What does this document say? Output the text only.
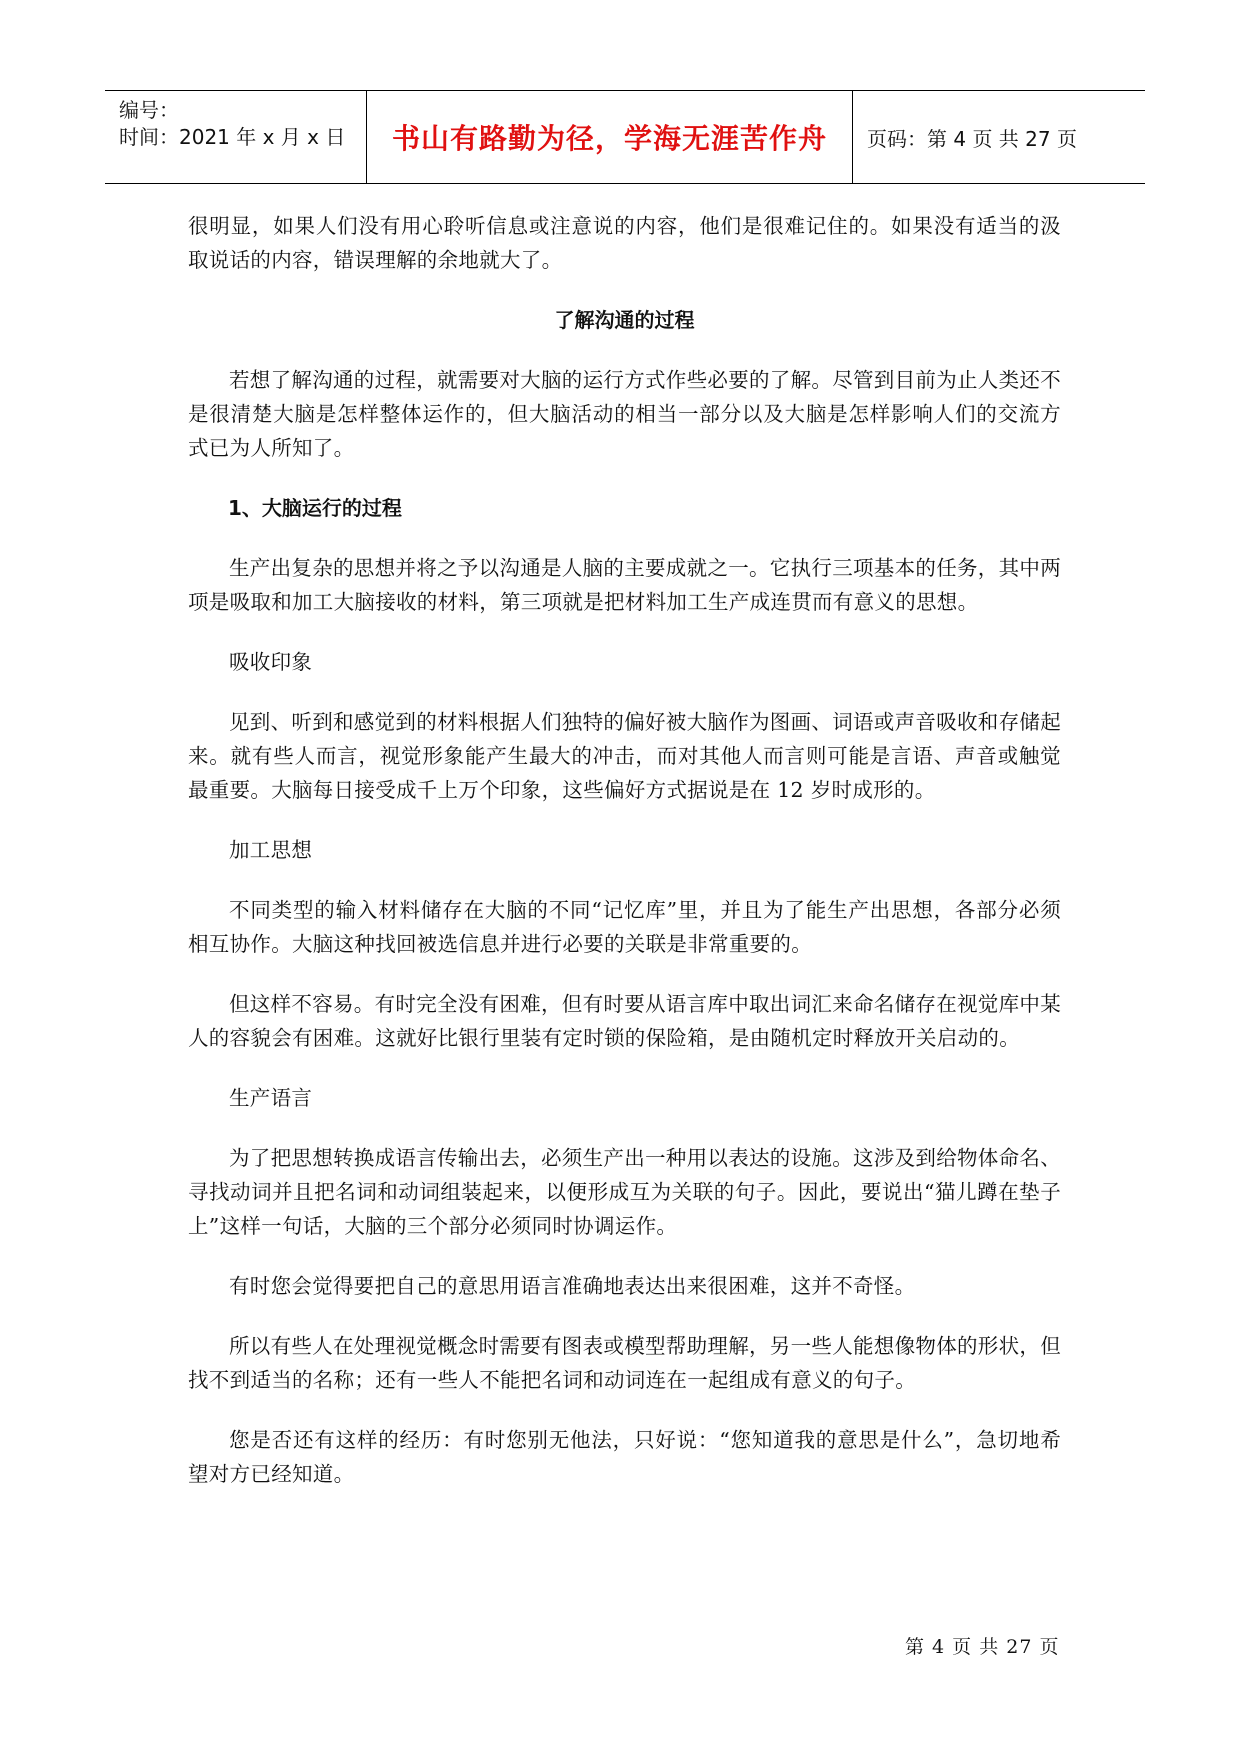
编号：
时间：2021 年 x 月 x 日	书山有路勤为径，学海无涯苦作舟	页码：第 4 页 共 27 页

很明显，如果人们没有用心聆听信息或注意说的内容，他们是很难记住的。如果没有适当的汲取说话的内容，错误理解的余地就大了。

了解沟通的过程

若想了解沟通的过程，就需要对大脑的运行方式作些必要的了解。尽管到目前为止人类还不是很清楚大脑是怎样整体运作的，但大脑活动的相当一部分以及大脑是怎样影响人们的交流方式已为人所知了。

1、大脑运行的过程

生产出复杂的思想并将之予以沟通是人脑的主要成就之一。它执行三项基本的任务，其中两项是吸取和加工大脑接收的材料，第三项就是把材料加工生产成连贯而有意义的思想。

吸收印象

见到、听到和感觉到的材料根据人们独特的偏好被大脑作为图画、词语或声音吸收和存储起来。就有些人而言，视觉形象能产生最大的冲击，而对其他人而言则可能是言语、声音或触觉最重要。大脑每日接受成千上万个印象，这些偏好方式据说是在 12 岁时成形的。

加工思想

不同类型的输入材料储存在大脑的不同“记忆库”里，并且为了能生产出思想，各部分必须相互协作。大脑这种找回被选信息并进行必要的关联是非常重要的。

但这样不容易。有时完全没有困难，但有时要从语言库中取出词汇来命名储存在视觉库中某人的容貌会有困难。这就好比银行里装有定时锁的保险箱，是由随机定时释放开关启动的。

生产语言

为了把思想转换成语言传输出去，必须生产出一种用以表达的设施。这涉及到给物体命名、寻找动词并且把名词和动词组装起来，以便形成互为关联的句子。因此，要说出“猫儿蹲在垫子上”这样一句话，大脑的三个部分必须同时协调运作。

有时您会觉得要把自己的意思用语言准确地表达出来很困难，这并不奇怪。

所以有些人在处理视觉概念时需要有图表或模型帮助理解，另一些人能想像物体的形状，但找不到适当的名称；还有一些人不能把名词和动词连在一起组成有意义的句子。

您是否还有这样的经历：有时您别无他法，只好说：“您知道我的意思是什么”，急切地希望对方已经知道。

第 4 页 共 27 页
